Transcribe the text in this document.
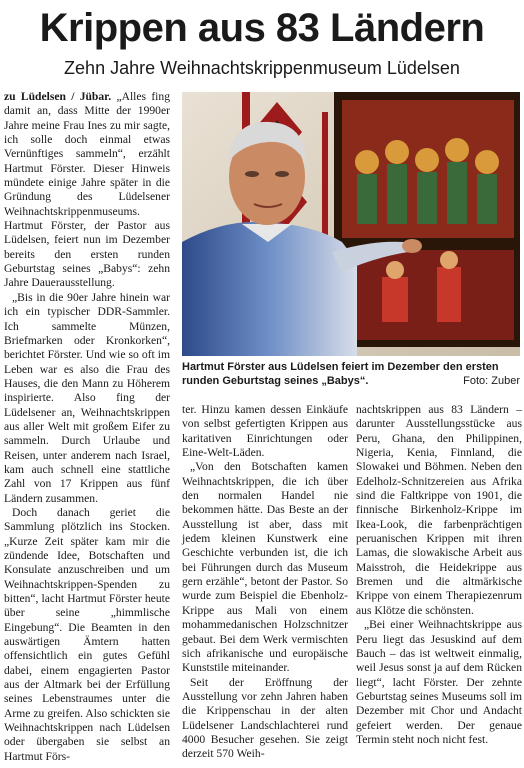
Krippen aus 83 Ländern
Zehn Jahre Weihnachtskrippenmuseum Lüdelsen

zu Lüdelsen / Jübar. „Alles fing damit an, dass Mitte der 1990er Jahre meine Frau Ines zu mir sagte, ich solle doch einmal etwas Vernünftiges sammeln“, erzählt Hartmut Förster. Dieser Hinweis mündete einige Jahre später in die Gründung des Lüdelsener Weihnachtskrippenmuseums. Hartmut Förster, der Pastor aus Lüdelsen, feiert nun im Dezember bereits den ersten runden Geburtstag seines „Babys“: zehn Jahre Dauerausstellung.

„Bis in die 90er Jahre hinein war ich ein typischer DDR-Sammler. Ich sammelte Münzen, Briefmarken oder Kronkorken“, berichtet Förster. Und wie so oft im Leben war es also die Frau des Hauses, die den Mann zu Höherem inspirierte. Also fing der Lüdelsener an, Weihnachtskrippen aus aller Welt mit großem Eifer zu sammeln. Durch Urlaube und Reisen, unter anderem nach Israel, kam auch schnell eine stattliche Zahl von 17 Krippen aus fünf Ländern zusammen.

Doch danach geriet die Sammlung plötzlich ins Stocken. „Kurze Zeit später kam mir die zündende Idee, Botschaften und Konsulate anzuschreiben und um Weihnachtskrippen-Spenden zu bitten“, lacht Hartmut Förster heute über seine „himmlische Eingebung“. Die Beamten in den auswärtigen Ämtern hatten offensichtlich ein gutes Gefühl dabei, einem engagierten Pastor aus der Altmark bei der Erfüllung seines Lebenstraumes unter die Arme zu greifen. Also schickten sie Weihnachtskrippen nach Lüdelsen oder übergaben sie selbst an Hartmut Förs-

Hartmut Förster aus Lüdelsen feiert im Dezember den ersten runden Geburtstag seines „Babys“.	Foto: Zuber

ter. Hinzu kamen dessen Einkäufe von selbst gefertigten Krippen aus karitativen Einrichtungen oder Eine-Welt-Läden.

„Von den Botschaften kamen Weihnachtskrippen, die ich über den normalen Handel nie bekommen hätte. Das Beste an der Ausstellung ist aber, dass mit jedem kleinen Kunstwerk eine Geschichte verbunden ist, die ich bei Führungen durch das Museum gern erzähle“, betont der Pastor. So wurde zum Beispiel die Ebenholz-Krippe aus Mali von einem mohammedanischen Holzschnitzer gebaut. Bei dem Werk vermischten sich afrikanische und europäische Kunststile miteinander.

Seit der Eröffnung der Ausstellung vor zehn Jahren haben die Krippenschau in der alten Lüdelsener Landschlachterei rund 4000 Besucher gesehen. Sie zeigt derzeit 570 Weih-

nachtskrippen aus 83 Ländern – darunter Ausstellungsstücke aus Peru, Ghana, den Philippinen, Nigeria, Kenia, Finnland, die Slowakei und Böhmen. Neben den Edelholz-Schnitzereien aus Afrika sind die Faltkrippe von 1901, die finnische Birkenholz-Krippe im Ikea-Look, die farbenprächtigen peruanischen Krippen mit ihren Lamas, die slowakische Arbeit aus Maisstroh, die Heidekrippe aus Bremen und die altmärkische Krippe von einem Therapiezenrum aus Klötze die schönsten.

„Bei einer Weihnachtskrippe aus Peru liegt das Jesuskind auf dem Bauch – das ist weltweit einmalig, weil Jesus sonst ja auf dem Rücken liegt“, lacht Förster. Der zehnte Geburtstag seines Museums soll im Dezember mit Chor und Andacht gefeiert werden. Der genaue Termin steht noch nicht fest.
